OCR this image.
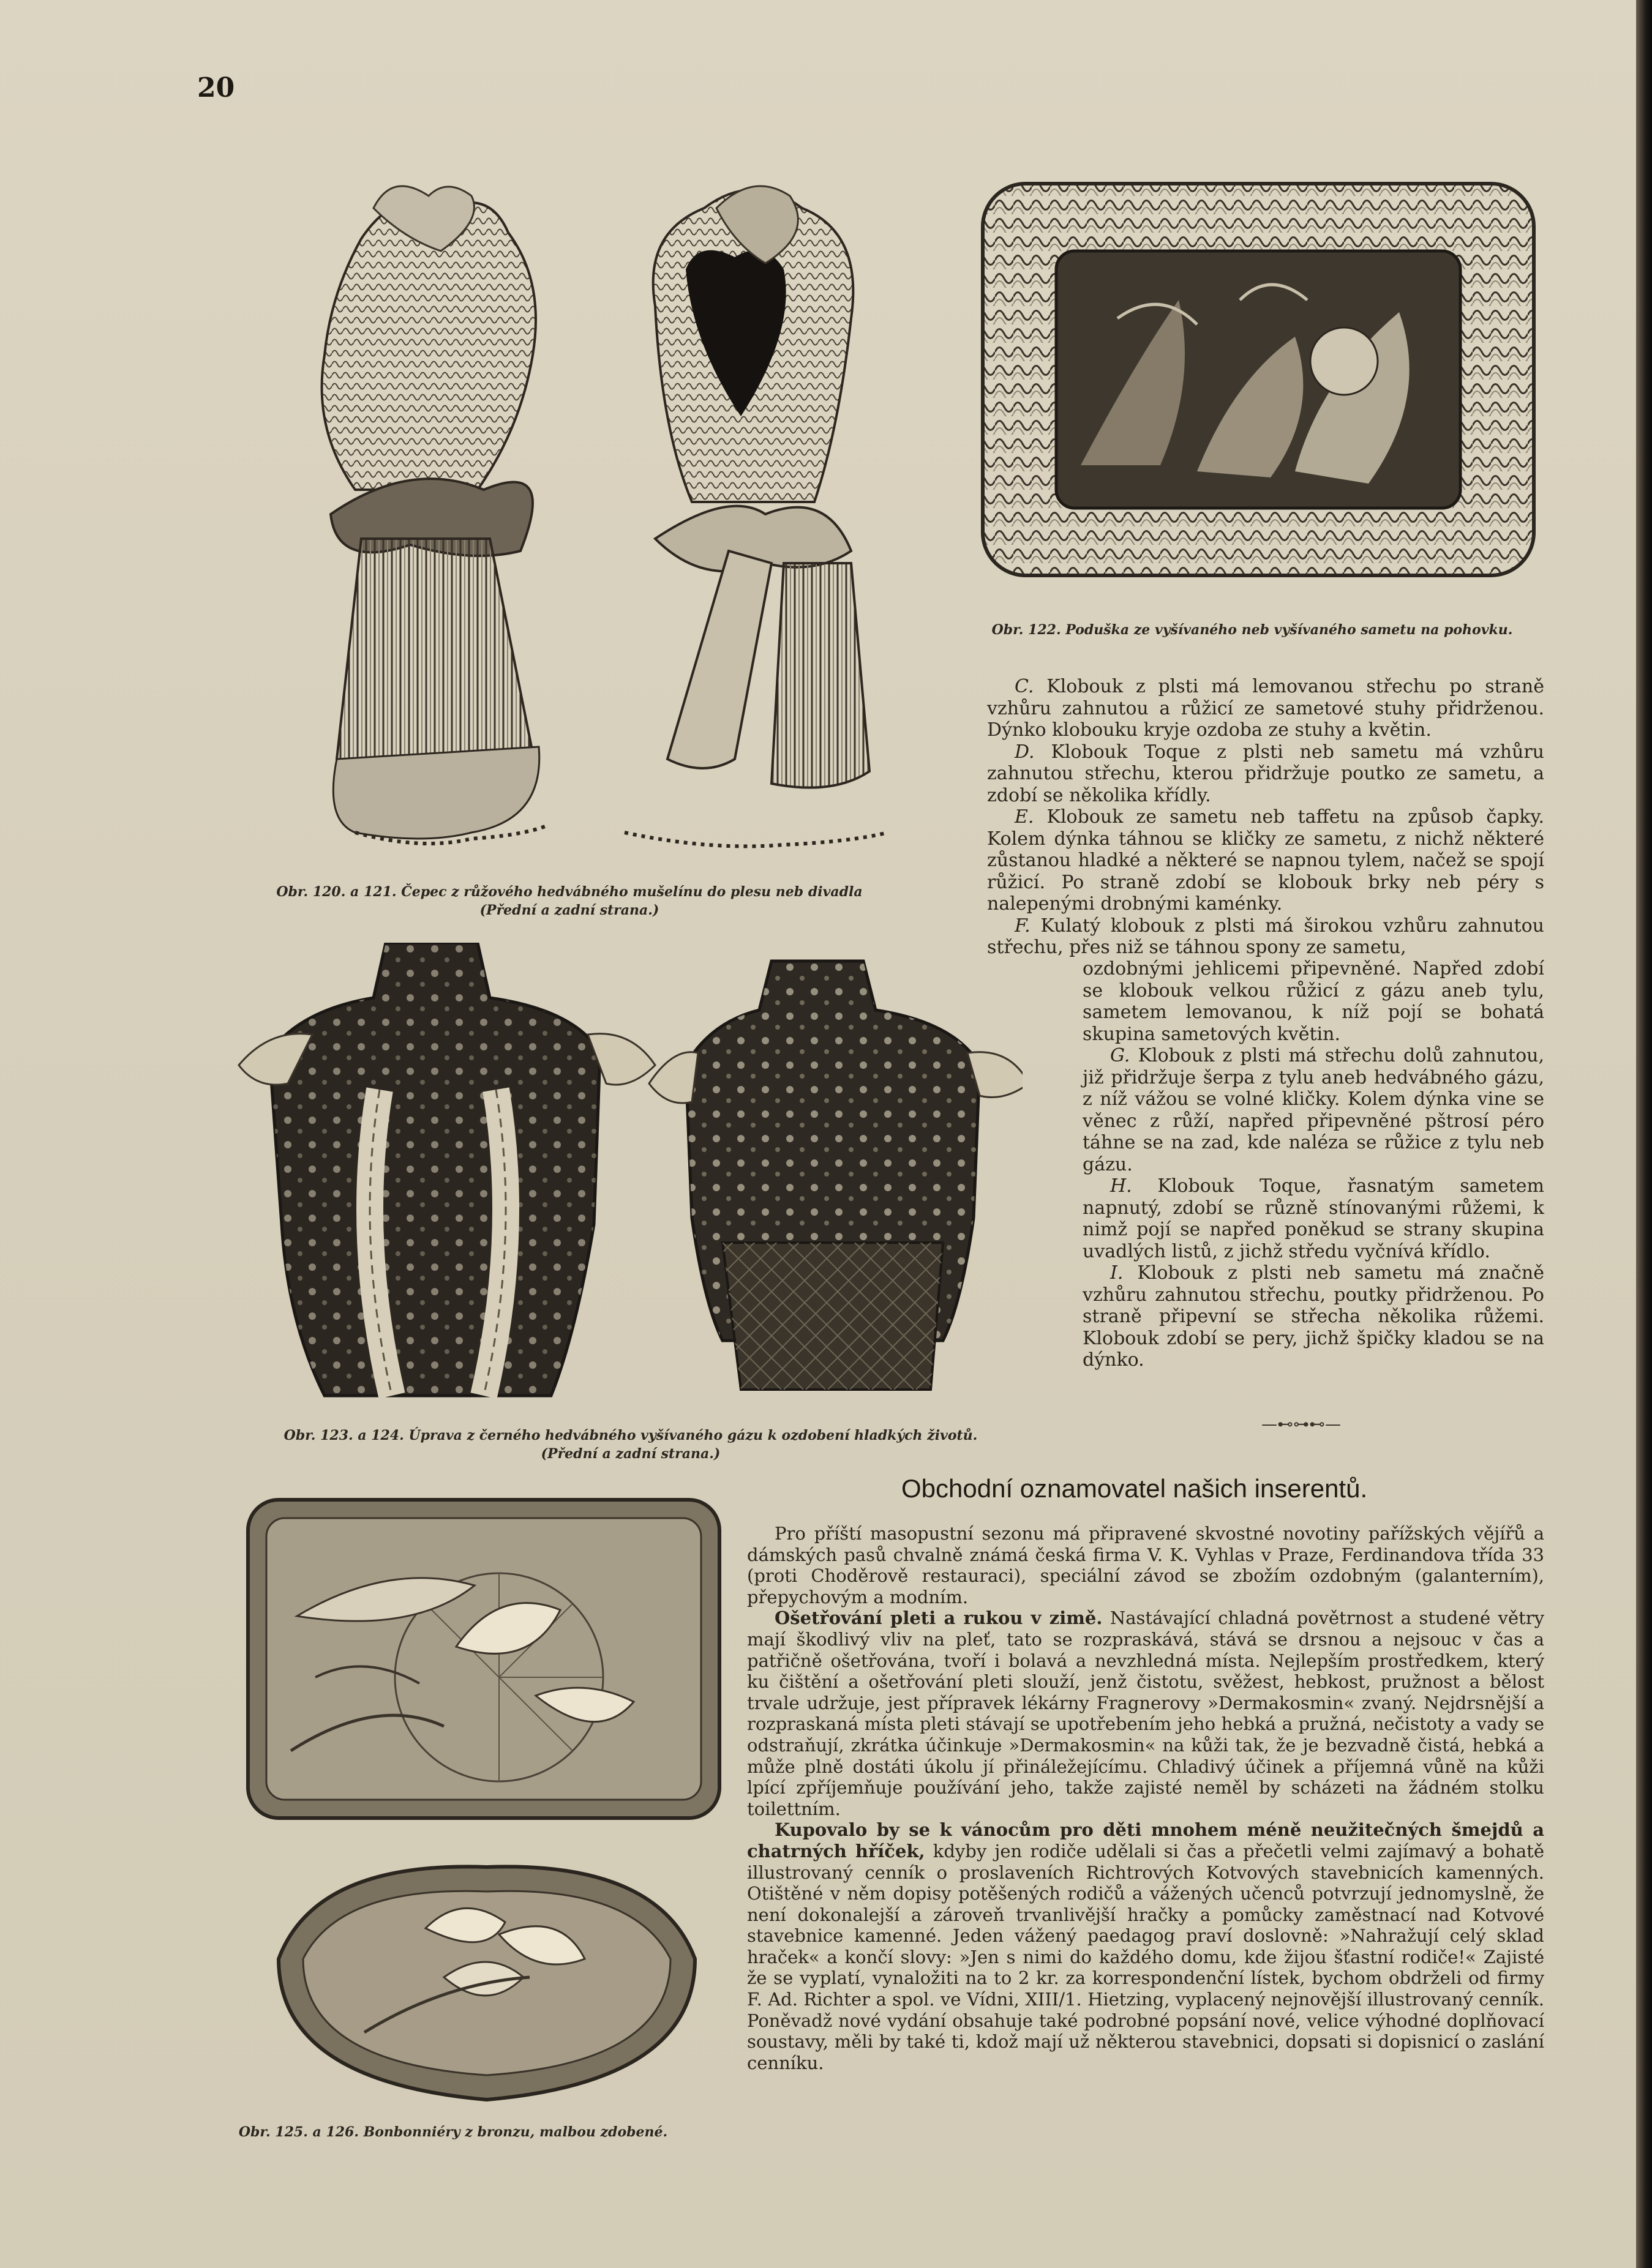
20
Obr. 120. a 121. Čepec z růžového hedvábného mušelínu do plesu neb divadla
(Přední a zadní strana.)
Obr. 122. Poduška ze vyšívaného neb vyšívaného sametu na pohovku.
Obr. 123. a 124. Úprava z černého hedvábného vyšívaného gázu k ozdobení hladkých životů.
(Přední a zadní strana.)
Obr. 125. a 126. Bonbonniéry z bronzu, malbou zdobené.

C. Klobouk z plsti má lemovanou střechu po straně vzhůru zahnutou a růžicí ze sametové stuhy přidrženou. Dýnko klobouku kryje ozdoba ze stuhy a květin.

D. Klobouk Toque z plsti neb sametu má vzhůru zahnutou střechu, kterou přidržuje poutko ze sametu, a zdobí se několika křídly.

E. Klobouk ze sametu neb taffetu na způsob čapky. Kolem dýnka táhnou se kličky ze sametu, z nichž některé zůstanou hladké a některé se napnou tylem, načež se spojí růžicí. Po straně zdobí se klobouk brky neb péry s nalepenými drobnými kaménky.

F. Kulatý klobouk z plsti má širokou vzhůru zahnutou střechu, přes niž se táhnou spony ze sametu,

ozdobnými jehlicemi připevněné. Napřed zdobí se klobouk velkou růžicí z gázu aneb tylu, sametem lemovanou, k níž pojí se bohatá skupina sametových květin.

G. Klobouk z plsti má střechu dolů zahnutou, již přidržuje šerpa z tylu aneb hedvábného gázu, z níž vážou se volné kličky. Kolem dýnka vine se věnec z růží, napřed připevněné pštrosí péro táhne se na zad, kde naléza se růžice z tylu neb gázu.

H. Klobouk Toque, řasnatým sametem napnutý, zdobí se různě stínovanými růžemi, k nimž pojí se napřed poněkud se strany skupina uvadlých listů, z jichž středu vyčnívá křídlo.

I. Klobouk z plsti neb sametu má značně vzhůru zahnutou střechu, poutky přidrženou. Po straně připevní se střecha několika růžemi. Klobouk zdobí se pery, jichž špičky kladou se na dýnko.

—⊷⊶⊷—
Obchodní oznamovatel našich inserentů.

Pro příští masopustní sezonu má připravené skvostné novotiny pařížských vějířů a dámských pasů chvalně známá česká firma V. K. Vyhlas v Praze, Ferdinandova třída 33 (proti Choděrově restauraci), speciální závod se zbožím ozdobným (galanterním), přepychovým a modním.

Ošetřování pleti a rukou v zimě. Nastávající chladná povětrnost a studené větry mají škodlivý vliv na pleť, tato se rozpraskává, stává se drsnou a nejsouc v čas a patřičně ošetřována, tvoří i bolavá a nevzhledná místa. Nejlepším prostředkem, který ku čištění a ošetřování pleti slouží, jenž čistotu, svěžest, hebkost, pružnost a bělost trvale udržuje, jest přípravek lékárny Fragnerovy »Dermakosmin« zvaný. Nejdrsnější a rozpraskaná místa pleti stávají se upotřebením jeho hebká a pružná, nečistoty a vady se odstraňují, zkrátka účinkuje »Dermakosmin« na kůži tak, že je bezvadně čistá, hebká a může plně dostáti úkolu jí přináležejícímu. Chladivý účinek a příjemná vůně na kůži lpící zpříjemňuje používání jeho, takže zajisté neměl by scházeti na žádném stolku toilettním.

Kupovalo by se k vánocům pro děti mnohem méně neužitečných šmejdů a chatrných hříček, kdyby jen rodiče udělali si čas a přečetli velmi zajímavý a bohatě illustrovaný cenník o proslaveních Richtrových Kotvových stavebnicích kamenných. Otištěné v něm dopisy potěšených rodičů a vážených učenců potvrzují jednomyslně, že není dokonalejší a zároveň trvanlivější hračky a pomůcky zaměstnací nad Kotvové stavebnice kamenné. Jeden vážený paedagog praví doslovně: »Nahražují celý sklad hraček« a končí slovy: »Jen s nimi do každého domu, kde žijou šťastní rodiče!« Zajisté že se vyplatí, vynaložiti na to 2 kr. za korrespondenční lístek, bychom obdrželi od firmy F. Ad. Richter a spol. ve Vídni, XIII/1. Hietzing, vyplacený nejnovější illustrovaný cenník. Poněvadž nové vydání obsahuje také podrobné popsání nové, velice výhodné doplňovací soustavy, měli by také ti, kdož mají už některou stavebnici, dopsati si dopisnicí o zaslání cenníku.
